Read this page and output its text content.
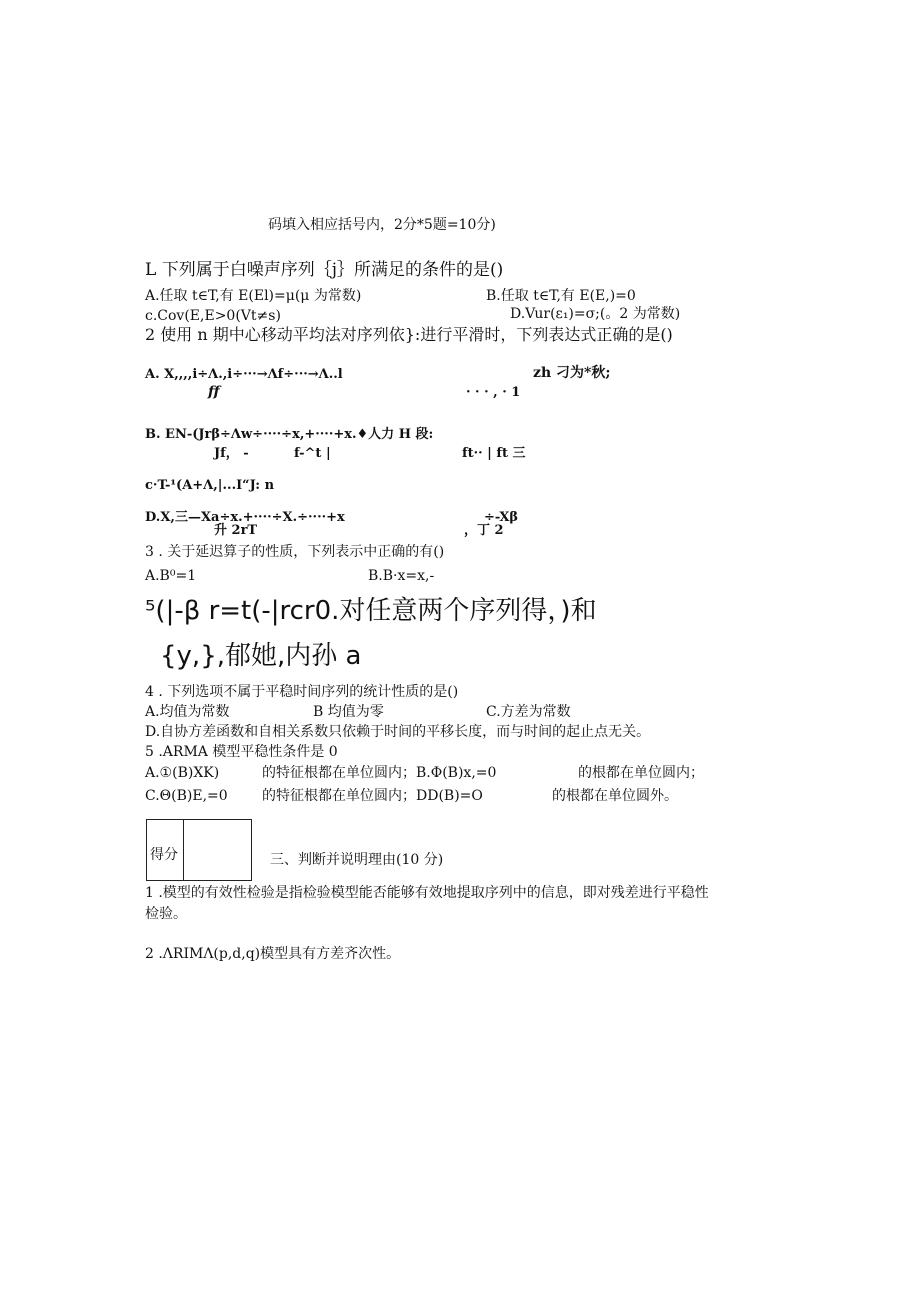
码填入相应括号内，2分*5题=10分)
L 下列属于白噪声序列｛j｝所满足的条件的是()
A.任取 t∈T,有 E(El)=μ(μ 为常数)	B.任取 t∈T,有 E(E,)=0
c.Cov(E,E>0(Vt≠s)	D.Vur(ε₁)=σ;(。2 为常数)
2 使用 n 期中心移动平均法对序列依}:进行平滑时，下列表达式正确的是()
A. X,,,,i÷Λ.,i÷···→Λf÷···→Λ..l	zh 刁为*秋;
ff	· · · , · 1
B. EN-(Jrβ÷Λw÷····÷x,+····+x.♦人力 H 段:
Jf， -	f-^t |	ft·· | ft 三
c·T-¹(A+Λ,|...I“J: n
D.X,三—Xa÷x.+····÷X.÷····+x	÷-Xβ
升 2rT	，丁 2
3 . 关于延迟算子的性质，下列表示中正确的有()
A.B⁰=1	B.B·x=x,-
⁵(|-β r=t(-|rcr0.对任意两个序列得，)和
{y,},郁她,内孙 a
4 . 下列选项不属于平稳时间序列的统计性质的是()
A.均值为常数	B 均值为零	C.方差为常数
D.自协方差函数和自相关系数只依赖于时间的平移长度，而与时间的起止点无关。
5 .ARMA 模型平稳性条件是 0
A.①(B)XK)	的特征根都在单位圆内；B.Φ(B)x,=0	的根都在单位圆内；
C.Θ(B)E,=0 的特征根都在单位圆内；DD(B)=O	的根都在单位圆外。
得分	三、判断并说明理由(10 分)
1 .模型的有效性检验是指检验模型能否能够有效地提取序列中的信息，即对残差进行平稳性
检验。
2 .ΛRIMΛ(p,d,q)模型具有方差齐次性。
